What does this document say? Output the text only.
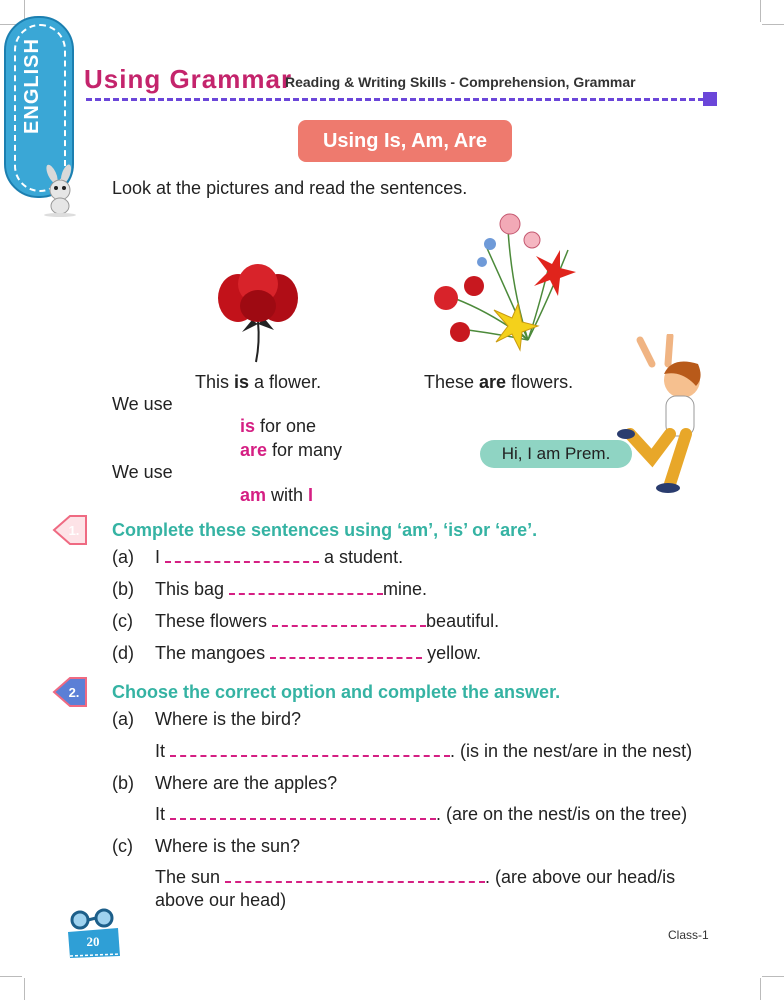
ENGLISH Using Grammar
Reading & Writing Skills - Comprehension, Grammar
Using Is, Am, Are
Look at the pictures and read the sentences.
This is a flower.	These are flowers.
We use
is for one
are for many
We use
am with I
Hi, I am Prem.
1. Complete these sentences using ‘am’, ‘is’ or ‘are’.
(a) I	a student.
(b) This bag	mine.
(c) These flowers	beautiful.
(d) The mangoes	yellow.
2. Choose the correct option and complete the answer.
(a) Where is the bird?
It	. (is in the nest/are in the nest)
(b) Where are the apples?
It	. (are on the nest/is on the tree)
(c) Where is the sun?
The sun	. (are above our head/is
above our head)
20	Class-1
